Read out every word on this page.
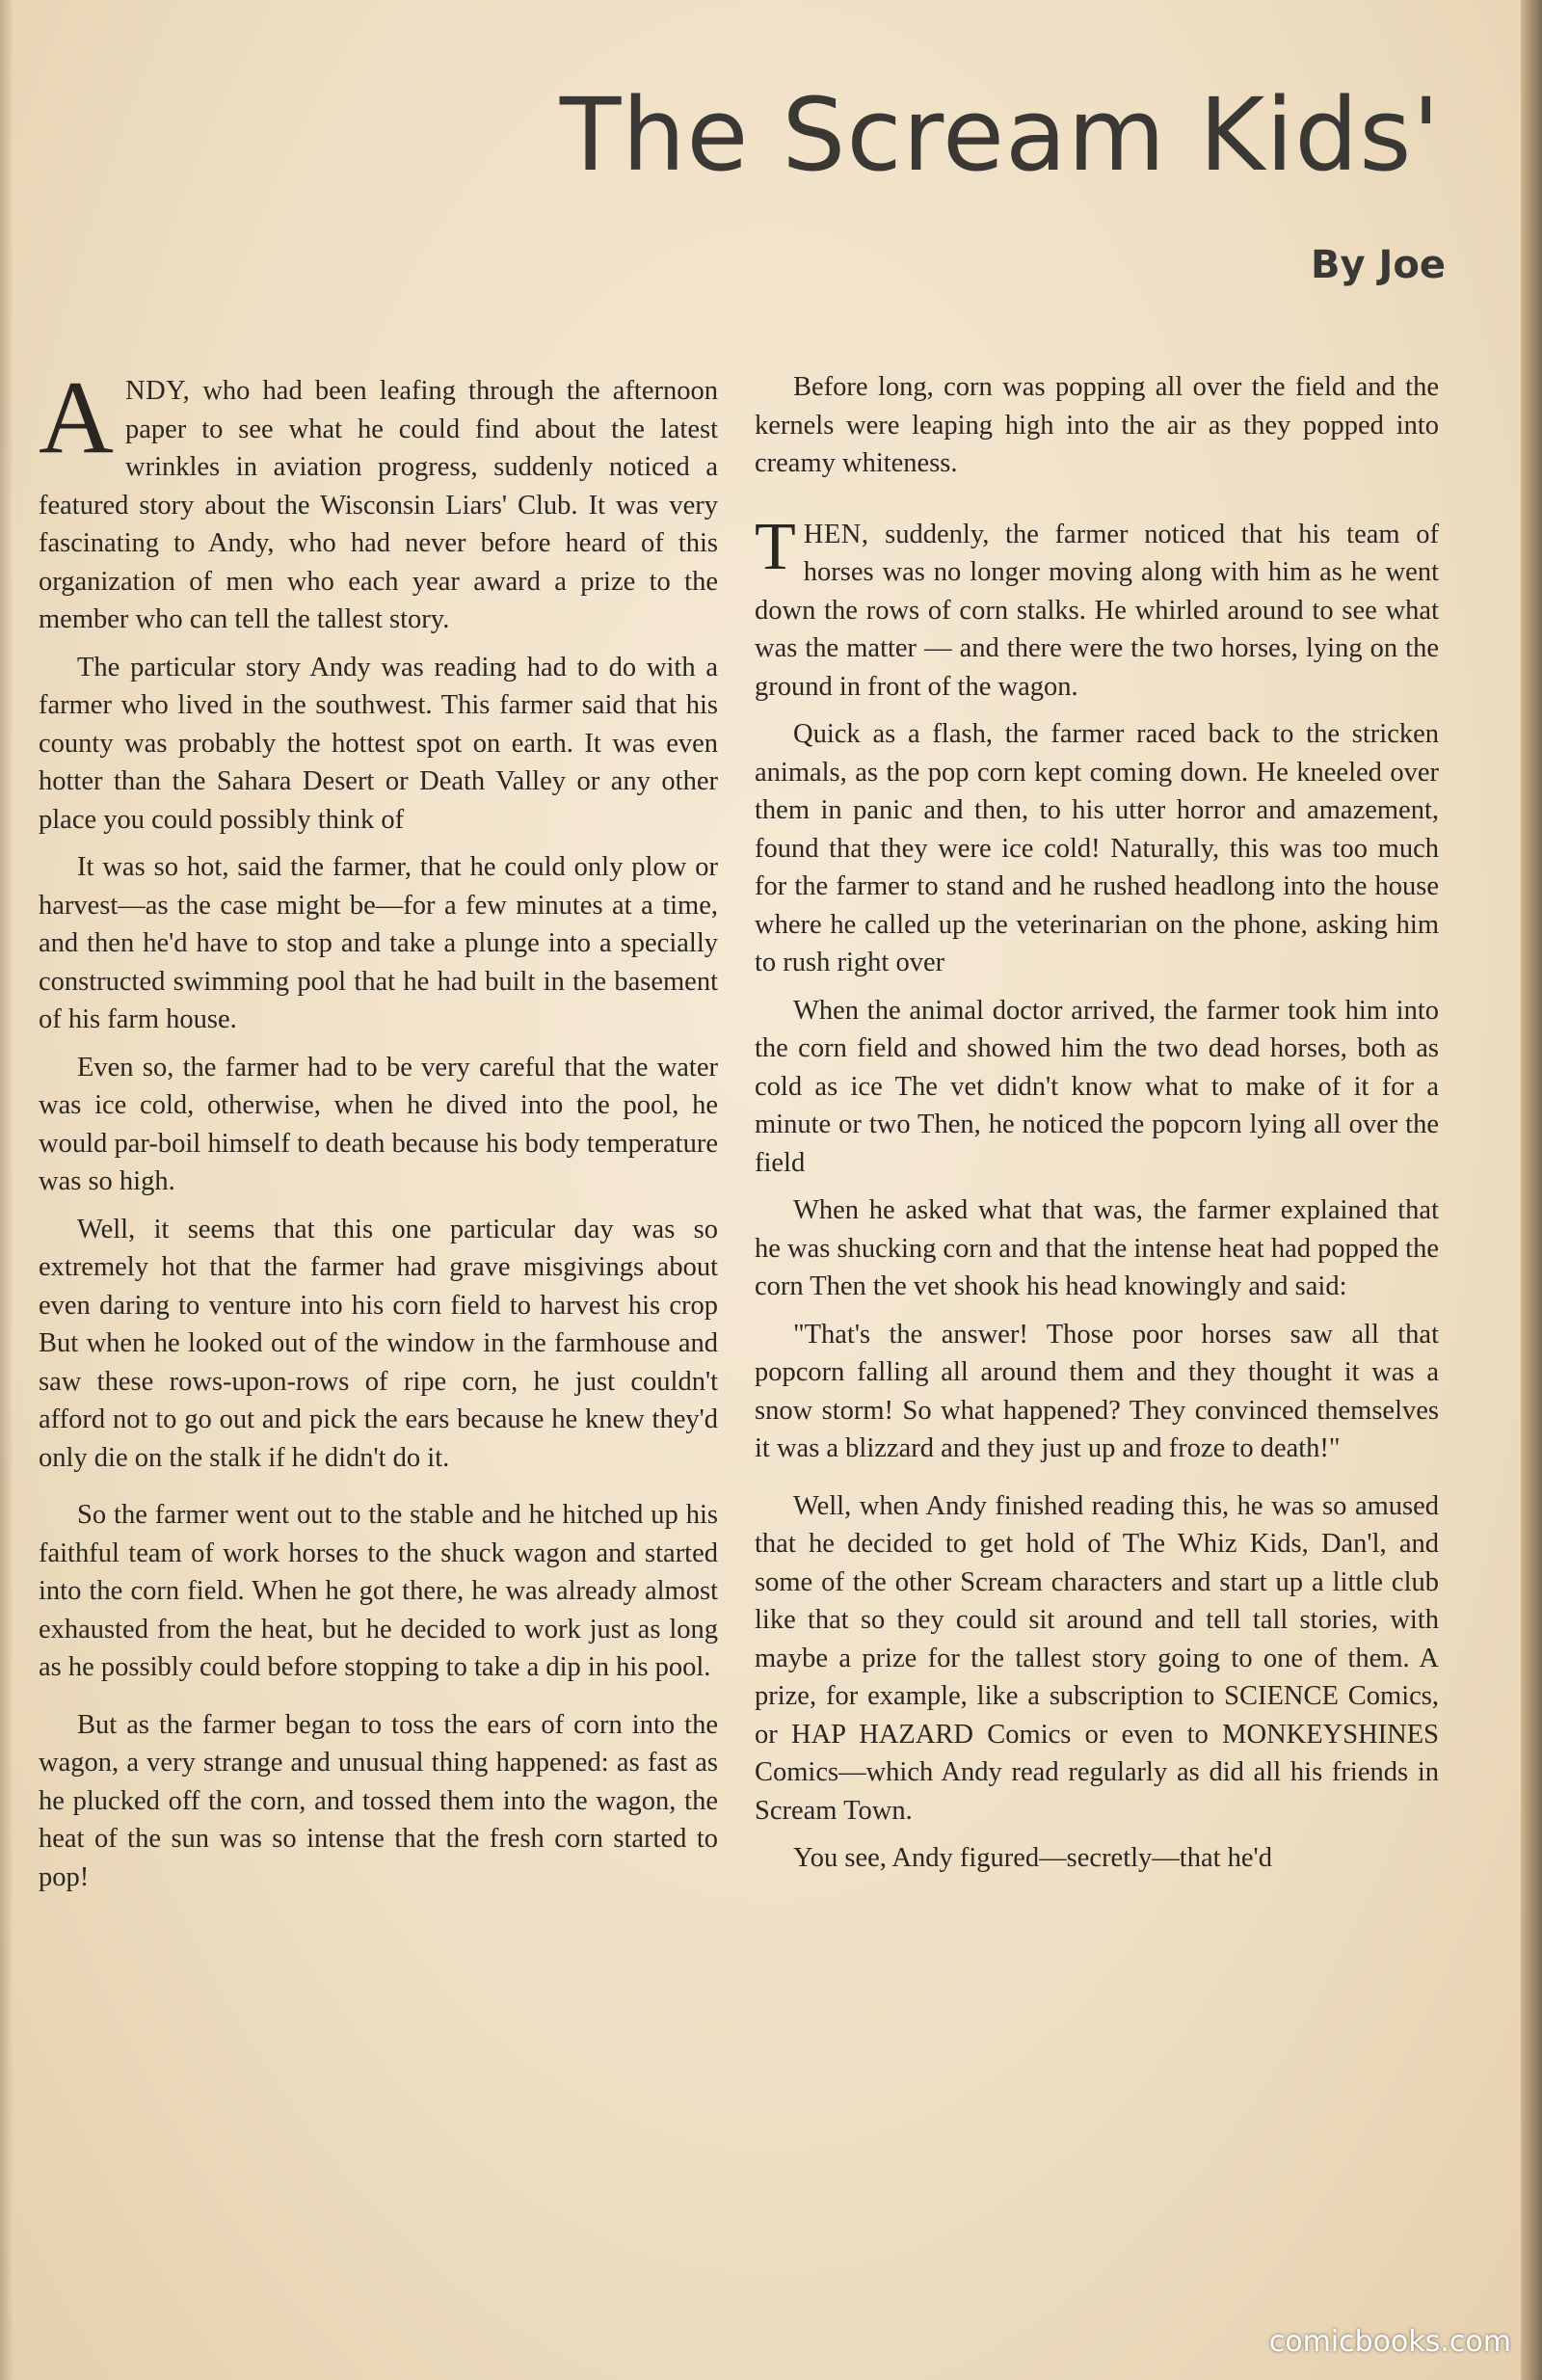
The Scream Kids'
By Joe

ANDY, who had been leafing through the afternoon paper to see what he could find about the latest wrinkles in aviation progress, suddenly noticed a featured story about the Wisconsin Liars' Club. It was very fascinating to Andy, who had never before heard of this organization of men who each year award a prize to the member who can tell the tallest story.

The particular story Andy was reading had to do with a farmer who lived in the southwest. This farmer said that his county was probably the hottest spot on earth. It was even hotter than the Sahara Desert or Death Valley or any other place you could possibly think of

It was so hot, said the farmer, that he could only plow or harvest—as the case might be—for a few minutes at a time, and then he'd have to stop and take a plunge into a specially constructed swimming pool that he had built in the basement of his farm house.

Even so, the farmer had to be very careful that the water was ice cold, otherwise, when he dived into the pool, he would par-boil himself to death because his body temperature was so high.

Well, it seems that this one particular day was so extremely hot that the farmer had grave misgivings about even daring to venture into his corn field to harvest his crop But when he looked out of the window in the farmhouse and saw these rows-upon-rows of ripe corn, he just couldn't afford not to go out and pick the ears because he knew they'd only die on the stalk if he didn't do it.

So the farmer went out to the stable and he hitched up his faithful team of work horses to the shuck wagon and started into the corn field. When he got there, he was already almost exhausted from the heat, but he decided to work just as long as he possibly could before stopping to take a dip in his pool.

But as the farmer began to toss the ears of corn into the wagon, a very strange and unusual thing happened: as fast as he plucked off the corn, and tossed them into the wagon, the heat of the sun was so intense that the fresh corn started to pop!

Before long, corn was popping all over the field and the kernels were leaping high into the air as they popped into creamy whiteness.

THEN, suddenly, the farmer noticed that his team of horses was no longer moving along with him as he went down the rows of corn stalks. He whirled around to see what was the matter — and there were the two horses, lying on the ground in front of the wagon.

Quick as a flash, the farmer raced back to the stricken animals, as the pop corn kept coming down. He kneeled over them in panic and then, to his utter horror and amazement, found that they were ice cold! Naturally, this was too much for the farmer to stand and he rushed headlong into the house where he called up the veterinarian on the phone, asking him to rush right over

When the animal doctor arrived, the farmer took him into the corn field and showed him the two dead horses, both as cold as ice The vet didn't know what to make of it for a minute or two Then, he noticed the popcorn lying all over the field

When he asked what that was, the farmer explained that he was shucking corn and that the intense heat had popped the corn Then the vet shook his head knowingly and said:

"That's the answer! Those poor horses saw all that popcorn falling all around them and they thought it was a snow storm! So what happened? They convinced themselves it was a blizzard and they just up and froze to death!"

Well, when Andy finished reading this, he was so amused that he decided to get hold of The Whiz Kids, Dan'l, and some of the other Scream characters and start up a little club like that so they could sit around and tell tall stories, with maybe a prize for the tallest story going to one of them. A prize, for example, like a subscription to SCIENCE Comics, or HAP HAZARD Comics or even to MONKEYSHINES Comics—which Andy read regularly as did all his friends in Scream Town.

You see, Andy figured—secretly—that he'd

comicbooks.com
